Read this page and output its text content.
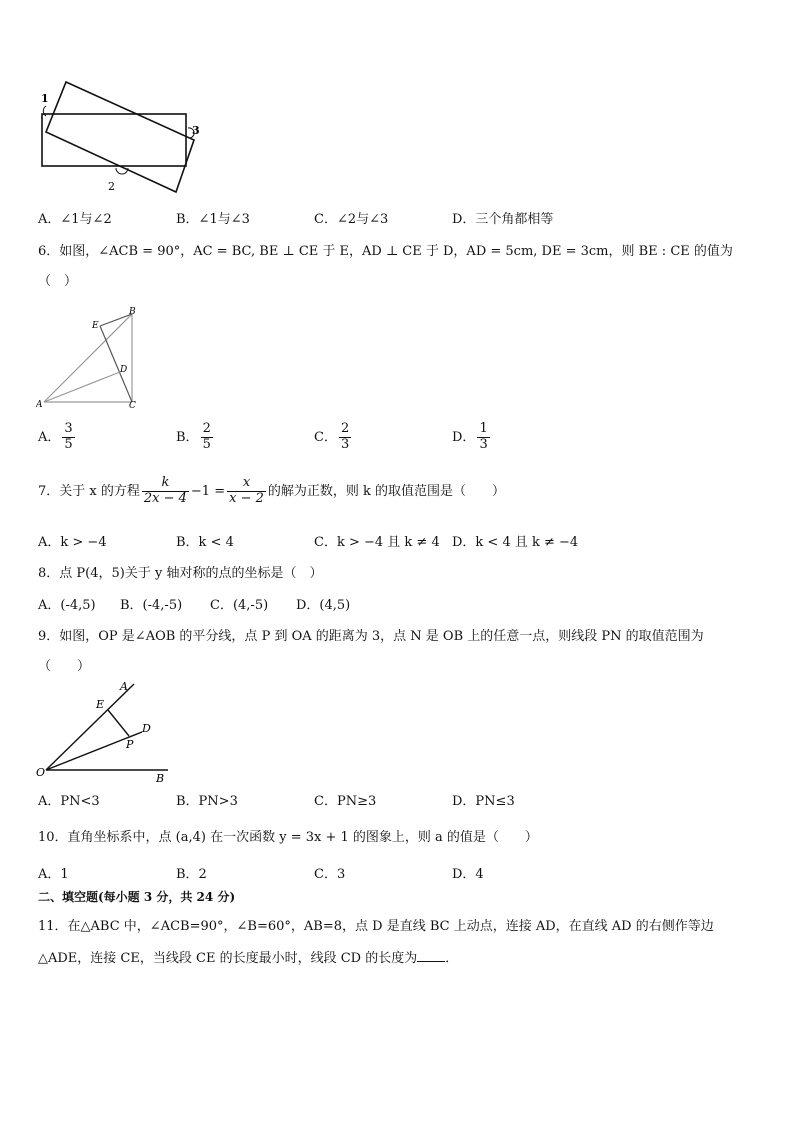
1
2
3
A．∠1与∠2	B．∠1与∠3	C．∠2与∠3	D．三个角都相等
6．如图，∠ACB = 90°，AC = BC, BE ⊥ CE 于 E，AD ⊥ CE 于 D，AD = 5cm, DE = 3cm，则 BE : CE 的值为
（　）
A
B
C
D
E
A． $\frac{3}{5}$	B． $\frac{2}{5}$	C． $\frac{2}{3}$	D． $\frac{1}{3}$
7．关于 x 的方程 $\frac{k}{2x - 4} -1 = \frac{x}{x - 2}$ 的解为正数，则 k 的取值范围是（　　）
A．k > −4	B．k < 4	C．k > −4 且 k ≠ 4 D．k < 4 且 k ≠ −4
8．点 P(4，5)关于 y 轴对称的点的坐标是（　）
A．(-4,5) B．(-4,-5) C．(4,-5) D．(4,5)
9．如图，OP 是∠AOB 的平分线，点 P 到 OA 的距离为 3，点 N 是 OB 上的任意一点，则线段 PN 的取值范围为
（　　）
A
B
D
E
O
P
A．PN<3	B．PN>3	C．PN≥3	D．PN≤3
10．直角坐标系中，点 (a,4) 在一次函数 y = 3x + 1 的图象上，则 a 的值是（　　）
A．1	B．2	C．3	D．4
二、填空题(每小题 3 分，共 24 分)
11．在△ABC 中，∠ACB=90°，∠B=60°，AB=8，点 D 是直线 BC 上动点，连接 AD，在直线 AD 的右侧作等边
△ADE，连接 CE，当线段 CE 的长度最小时，线段 CD 的长度为 ．
